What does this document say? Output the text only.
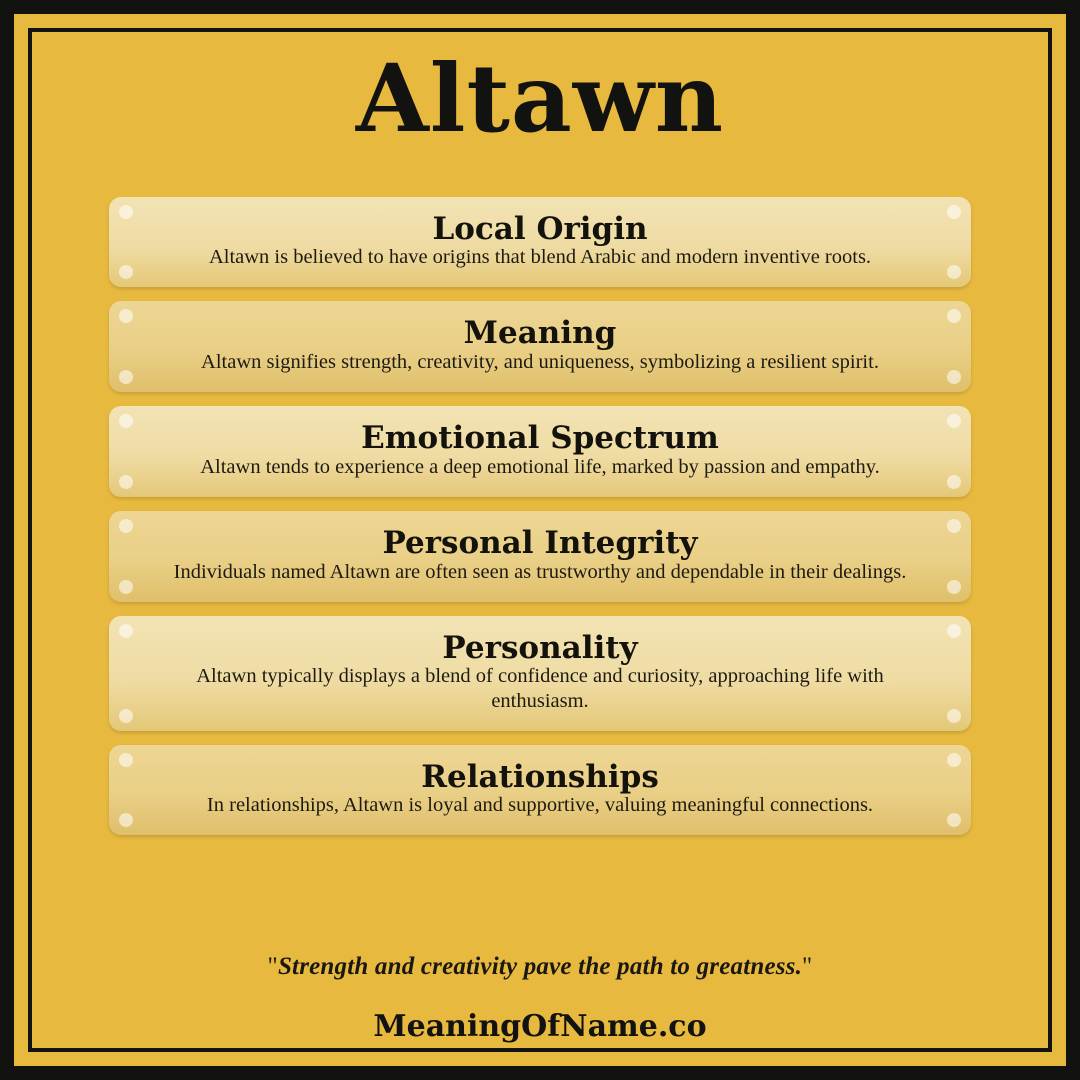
Altawn
Local Origin
Altawn is believed to have origins that blend Arabic and modern inventive roots.
Meaning
Altawn signifies strength, creativity, and uniqueness, symbolizing a resilient spirit.
Emotional Spectrum
Altawn tends to experience a deep emotional life, marked by passion and empathy.
Personal Integrity
Individuals named Altawn are often seen as trustworthy and dependable in their dealings.
Personality
Altawn typically displays a blend of confidence and curiosity, approaching life with enthusiasm.
Relationships
In relationships, Altawn is loyal and supportive, valuing meaningful connections.
"Strength and creativity pave the path to greatness."
MeaningOfName.co
